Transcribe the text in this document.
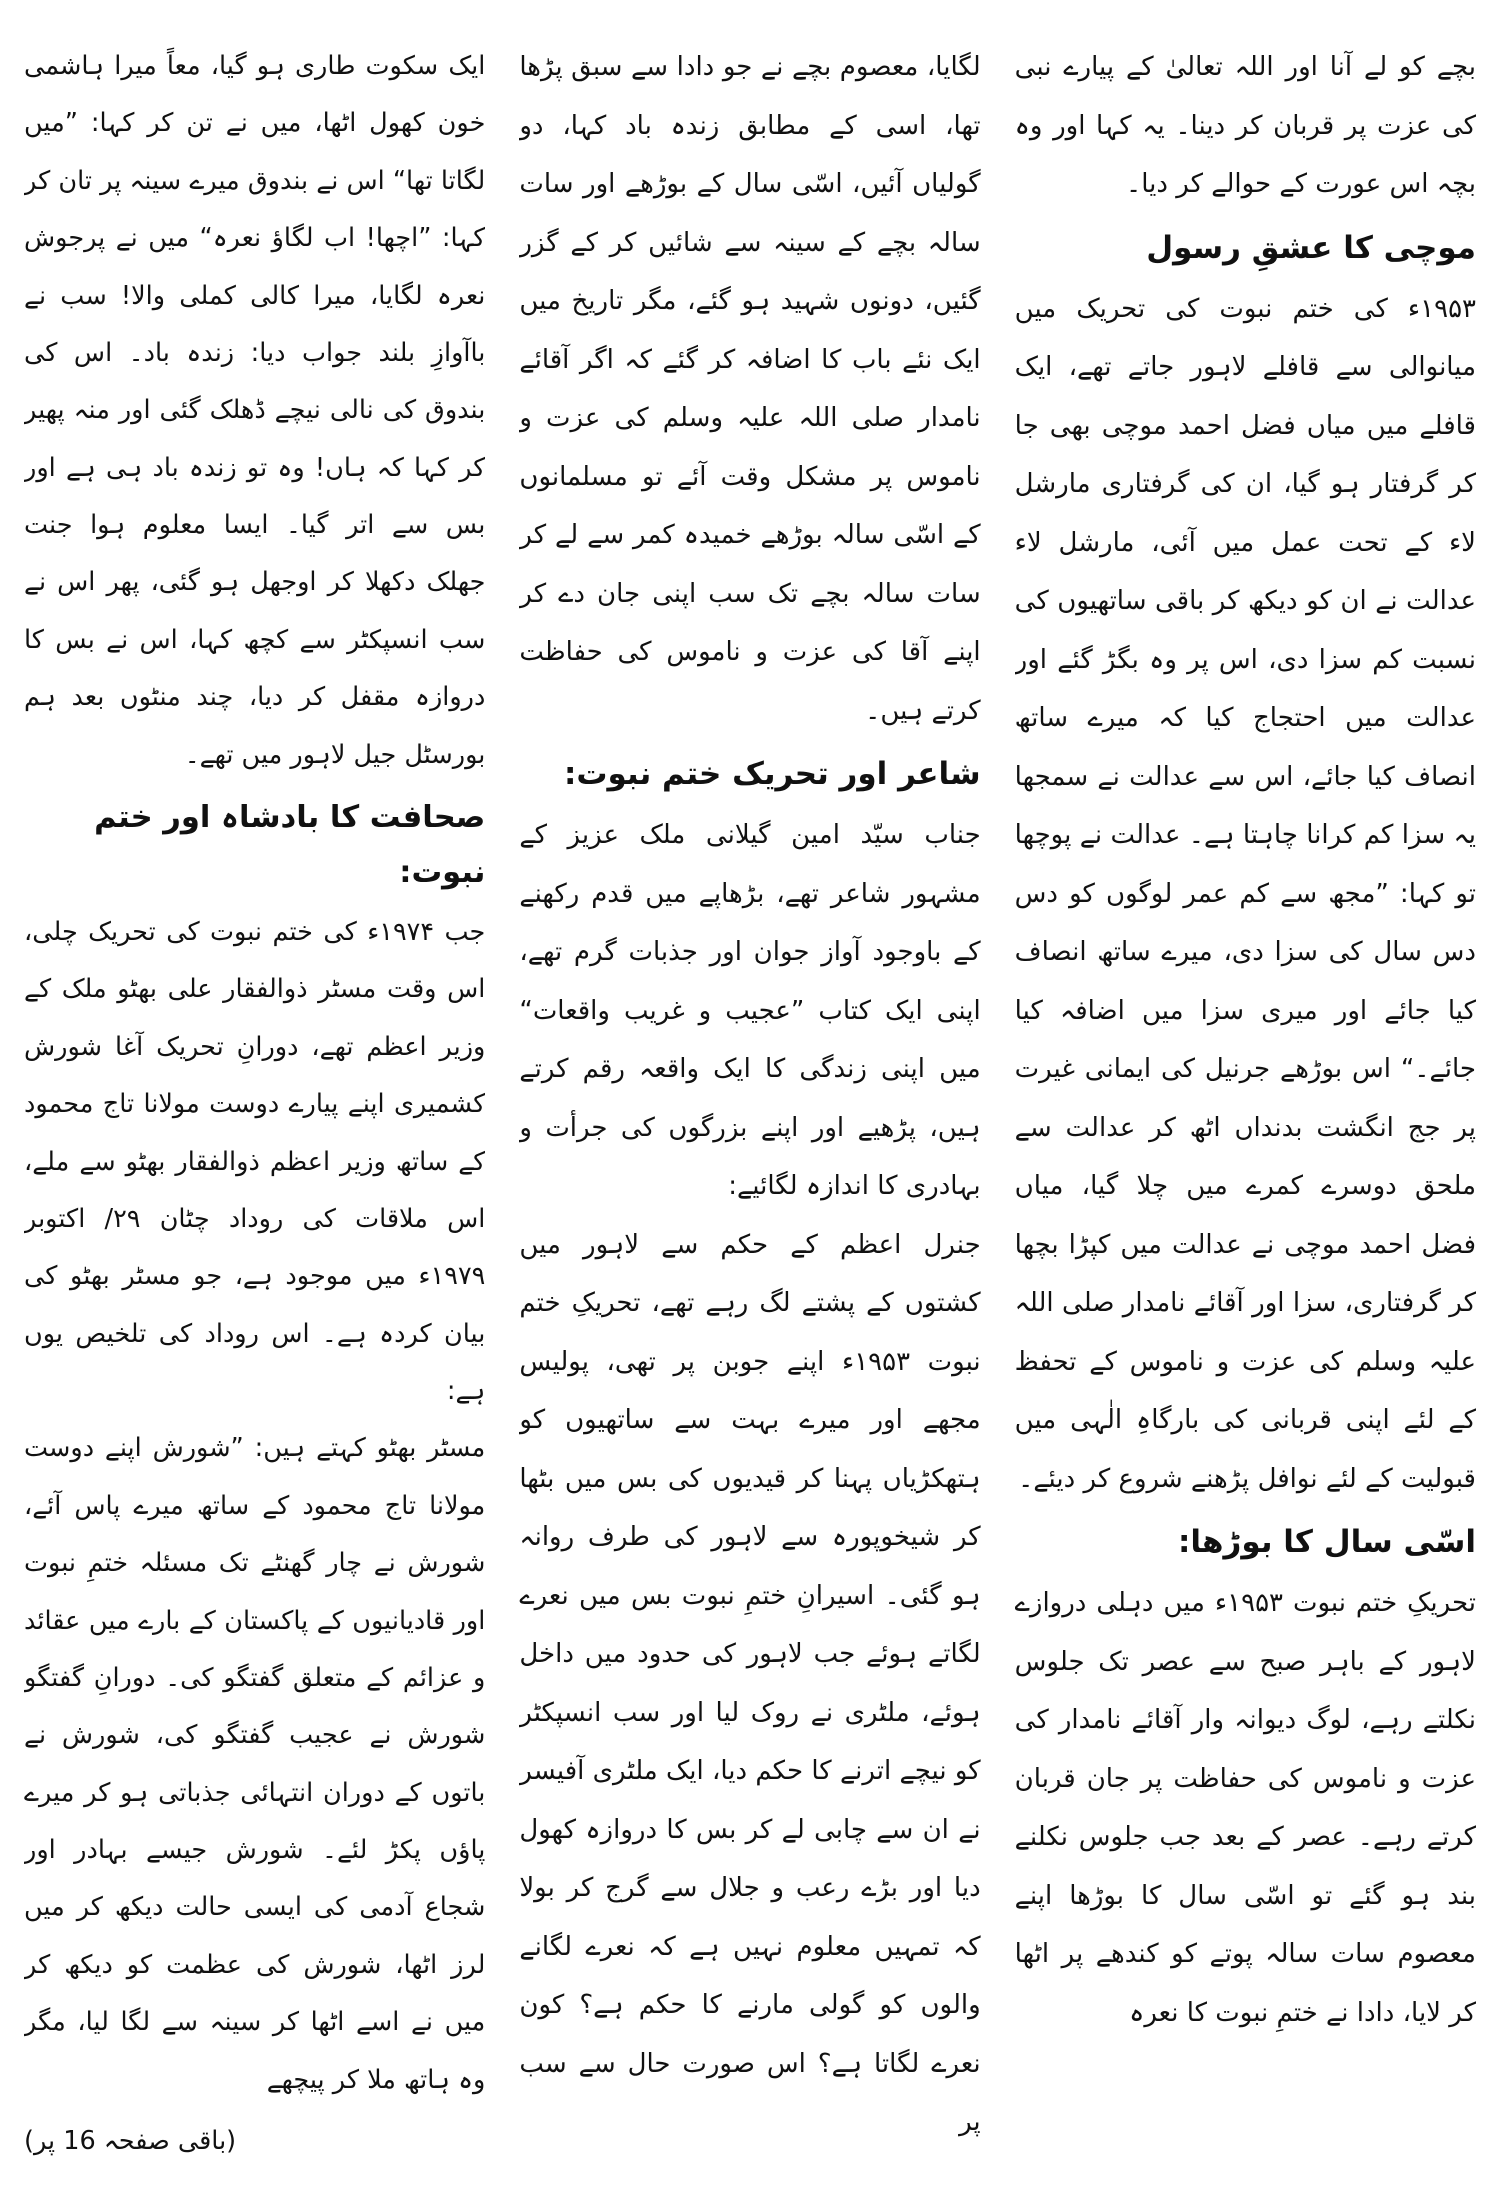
بچے کو لے آنا اور اللہ تعالیٰ کے پیارے نبی کی عزت پر قربان کر دینا۔ یہ کہا اور وہ بچہ اس عورت کے حوالے کر دیا۔

موچی کا عشقِ رسول

۱۹۵۳ء کی ختم نبوت کی تحریک میں میانوالی سے قافلے لاہور جاتے تھے، ایک قافلے میں میاں فضل احمد موچی بھی جا کر گرفتار ہو گیا، ان کی گرفتاری مارشل لاء کے تحت عمل میں آئی، مارشل لاء عدالت نے ان کو دیکھ کر باقی ساتھیوں کی نسبت کم سزا دی، اس پر وہ بگڑ گئے اور عدالت میں احتجاج کیا کہ میرے ساتھ انصاف کیا جائے، اس سے عدالت نے سمجھا یہ سزا کم کرانا چاہتا ہے۔ عدالت نے پوچھا تو کہا: ”مجھ سے کم عمر لوگوں کو دس دس سال کی سزا دی، میرے ساتھ انصاف کیا جائے اور میری سزا میں اضافہ کیا جائے۔“ اس بوڑھے جرنیل کی ایمانی غیرت پر جج انگشت بدنداں اٹھ کر عدالت سے ملحق دوسرے کمرے میں چلا گیا، میاں فضل احمد موچی نے عدالت میں کپڑا بچھا کر گرفتاری، سزا اور آقائے نامدار صلی اللہ علیہ وسلم کی عزت و ناموس کے تحفظ کے لئے اپنی قربانی کی بارگاہِ الٰہی میں قبولیت کے لئے نوافل پڑھنے شروع کر دیئے۔

اسّی سال کا بوڑھا:

تحریکِ ختم نبوت ۱۹۵۳ء میں دہلی دروازے لاہور کے باہر صبح سے عصر تک جلوس نکلتے رہے، لوگ دیوانہ وار آقائے نامدار کی عزت و ناموس کی حفاظت پر جان قربان کرتے رہے۔ عصر کے بعد جب جلوس نکلنے بند ہو گئے تو اسّی سال کا بوڑھا اپنے معصوم سات سالہ پوتے کو کندھے پر اٹھا کر لایا، دادا نے ختمِ نبوت کا نعرہ

لگایا، معصوم بچے نے جو دادا سے سبق پڑھا تھا، اسی کے مطابق زندہ باد کہا، دو گولیاں آئیں، اسّی سال کے بوڑھے اور سات سالہ بچے کے سینہ سے شائیں کر کے گزر گئیں، دونوں شہید ہو گئے، مگر تاریخ میں ایک نئے باب کا اضافہ کر گئے کہ اگر آقائے نامدار صلی اللہ علیہ وسلم کی عزت و ناموس پر مشکل وقت آئے تو مسلمانوں کے اسّی سالہ بوڑھے خمیدہ کمر سے لے کر سات سالہ بچے تک سب اپنی جان دے کر اپنے آقا کی عزت و ناموس کی حفاظت کرتے ہیں۔

شاعر اور تحریک ختم نبوت:

جناب سیّد امین گیلانی ملک عزیز کے مشہور شاعر تھے، بڑھاپے میں قدم رکھنے کے باوجود آواز جوان اور جذبات گرم تھے، اپنی ایک کتاب ”عجیب و غریب واقعات“ میں اپنی زندگی کا ایک واقعہ رقم کرتے ہیں، پڑھیے اور اپنے بزرگوں کی جرأت و بہادری کا اندازہ لگائیے:

جنرل اعظم کے حکم سے لاہور میں کشتوں کے پشتے لگ رہے تھے، تحریکِ ختم نبوت ۱۹۵۳ء اپنے جوبن پر تھی، پولیس مجھے اور میرے بہت سے ساتھیوں کو ہتھکڑیاں پہنا کر قیدیوں کی بس میں بٹھا کر شیخوپورہ سے لاہور کی طرف روانہ ہو گئی۔ اسیرانِ ختمِ نبوت بس میں نعرے لگاتے ہوئے جب لاہور کی حدود میں داخل ہوئے، ملٹری نے روک لیا اور سب انسپکٹر کو نیچے اترنے کا حکم دیا، ایک ملٹری آفیسر نے ان سے چابی لے کر بس کا دروازہ کھول دیا اور بڑے رعب و جلال سے گرج کر بولا کہ تمہیں معلوم نہیں ہے کہ نعرے لگانے والوں کو گولی مارنے کا حکم ہے؟ کون نعرے لگاتا ہے؟ اس صورت حال سے سب پر

ایک سکوت طاری ہو گیا، معاً میرا ہاشمی خون کھول اٹھا، میں نے تن کر کہا: ”میں لگاتا تھا“ اس نے بندوق میرے سینہ پر تان کر کہا: ”اچھا! اب لگاؤ نعرہ“ میں نے پرجوش نعرہ لگایا، میرا کالی کملی والا! سب نے باآوازِ بلند جواب دیا: زندہ باد۔ اس کی بندوق کی نالی نیچے ڈھلک گئی اور منہ پھیر کر کہا کہ ہاں! وہ تو زندہ باد ہی ہے اور بس سے اتر گیا۔ ایسا معلوم ہوا جنت جھلک دکھلا کر اوجھل ہو گئی، پھر اس نے سب انسپکٹر سے کچھ کہا، اس نے بس کا دروازہ مقفل کر دیا، چند منٹوں بعد ہم بورسٹل جیل لاہور میں تھے۔

صحافت کا بادشاہ اور ختم نبوت:

جب ۱۹۷۴ء کی ختم نبوت کی تحریک چلی، اس وقت مسٹر ذوالفقار علی بھٹو ملک کے وزیر اعظم تھے، دورانِ تحریک آغا شورش کشمیری اپنے پیارے دوست مولانا تاج محمود کے ساتھ وزیر اعظم ذوالفقار بھٹو سے ملے، اس ملاقات کی روداد چٹان ۲۹/ اکتوبر ۱۹۷۹ء میں موجود ہے، جو مسٹر بھٹو کی بیان کردہ ہے۔ اس روداد کی تلخیص یوں ہے:

مسٹر بھٹو کہتے ہیں: ”شورش اپنے دوست مولانا تاج محمود کے ساتھ میرے پاس آئے، شورش نے چار گھنٹے تک مسئلہ ختمِ نبوت اور قادیانیوں کے پاکستان کے بارے میں عقائد و عزائم کے متعلق گفتگو کی۔ دورانِ گفتگو شورش نے عجیب گفتگو کی، شورش نے باتوں کے دوران انتہائی جذباتی ہو کر میرے پاؤں پکڑ لئے۔ شورش جیسے بہادر اور شجاع آدمی کی ایسی حالت دیکھ کر میں لرز اٹھا، شورش کی عظمت کو دیکھ کر میں نے اسے اٹھا کر سینہ سے لگا لیا، مگر وہ ہاتھ ملا کر پیچھے

(باقی صفحہ 16 پر)
